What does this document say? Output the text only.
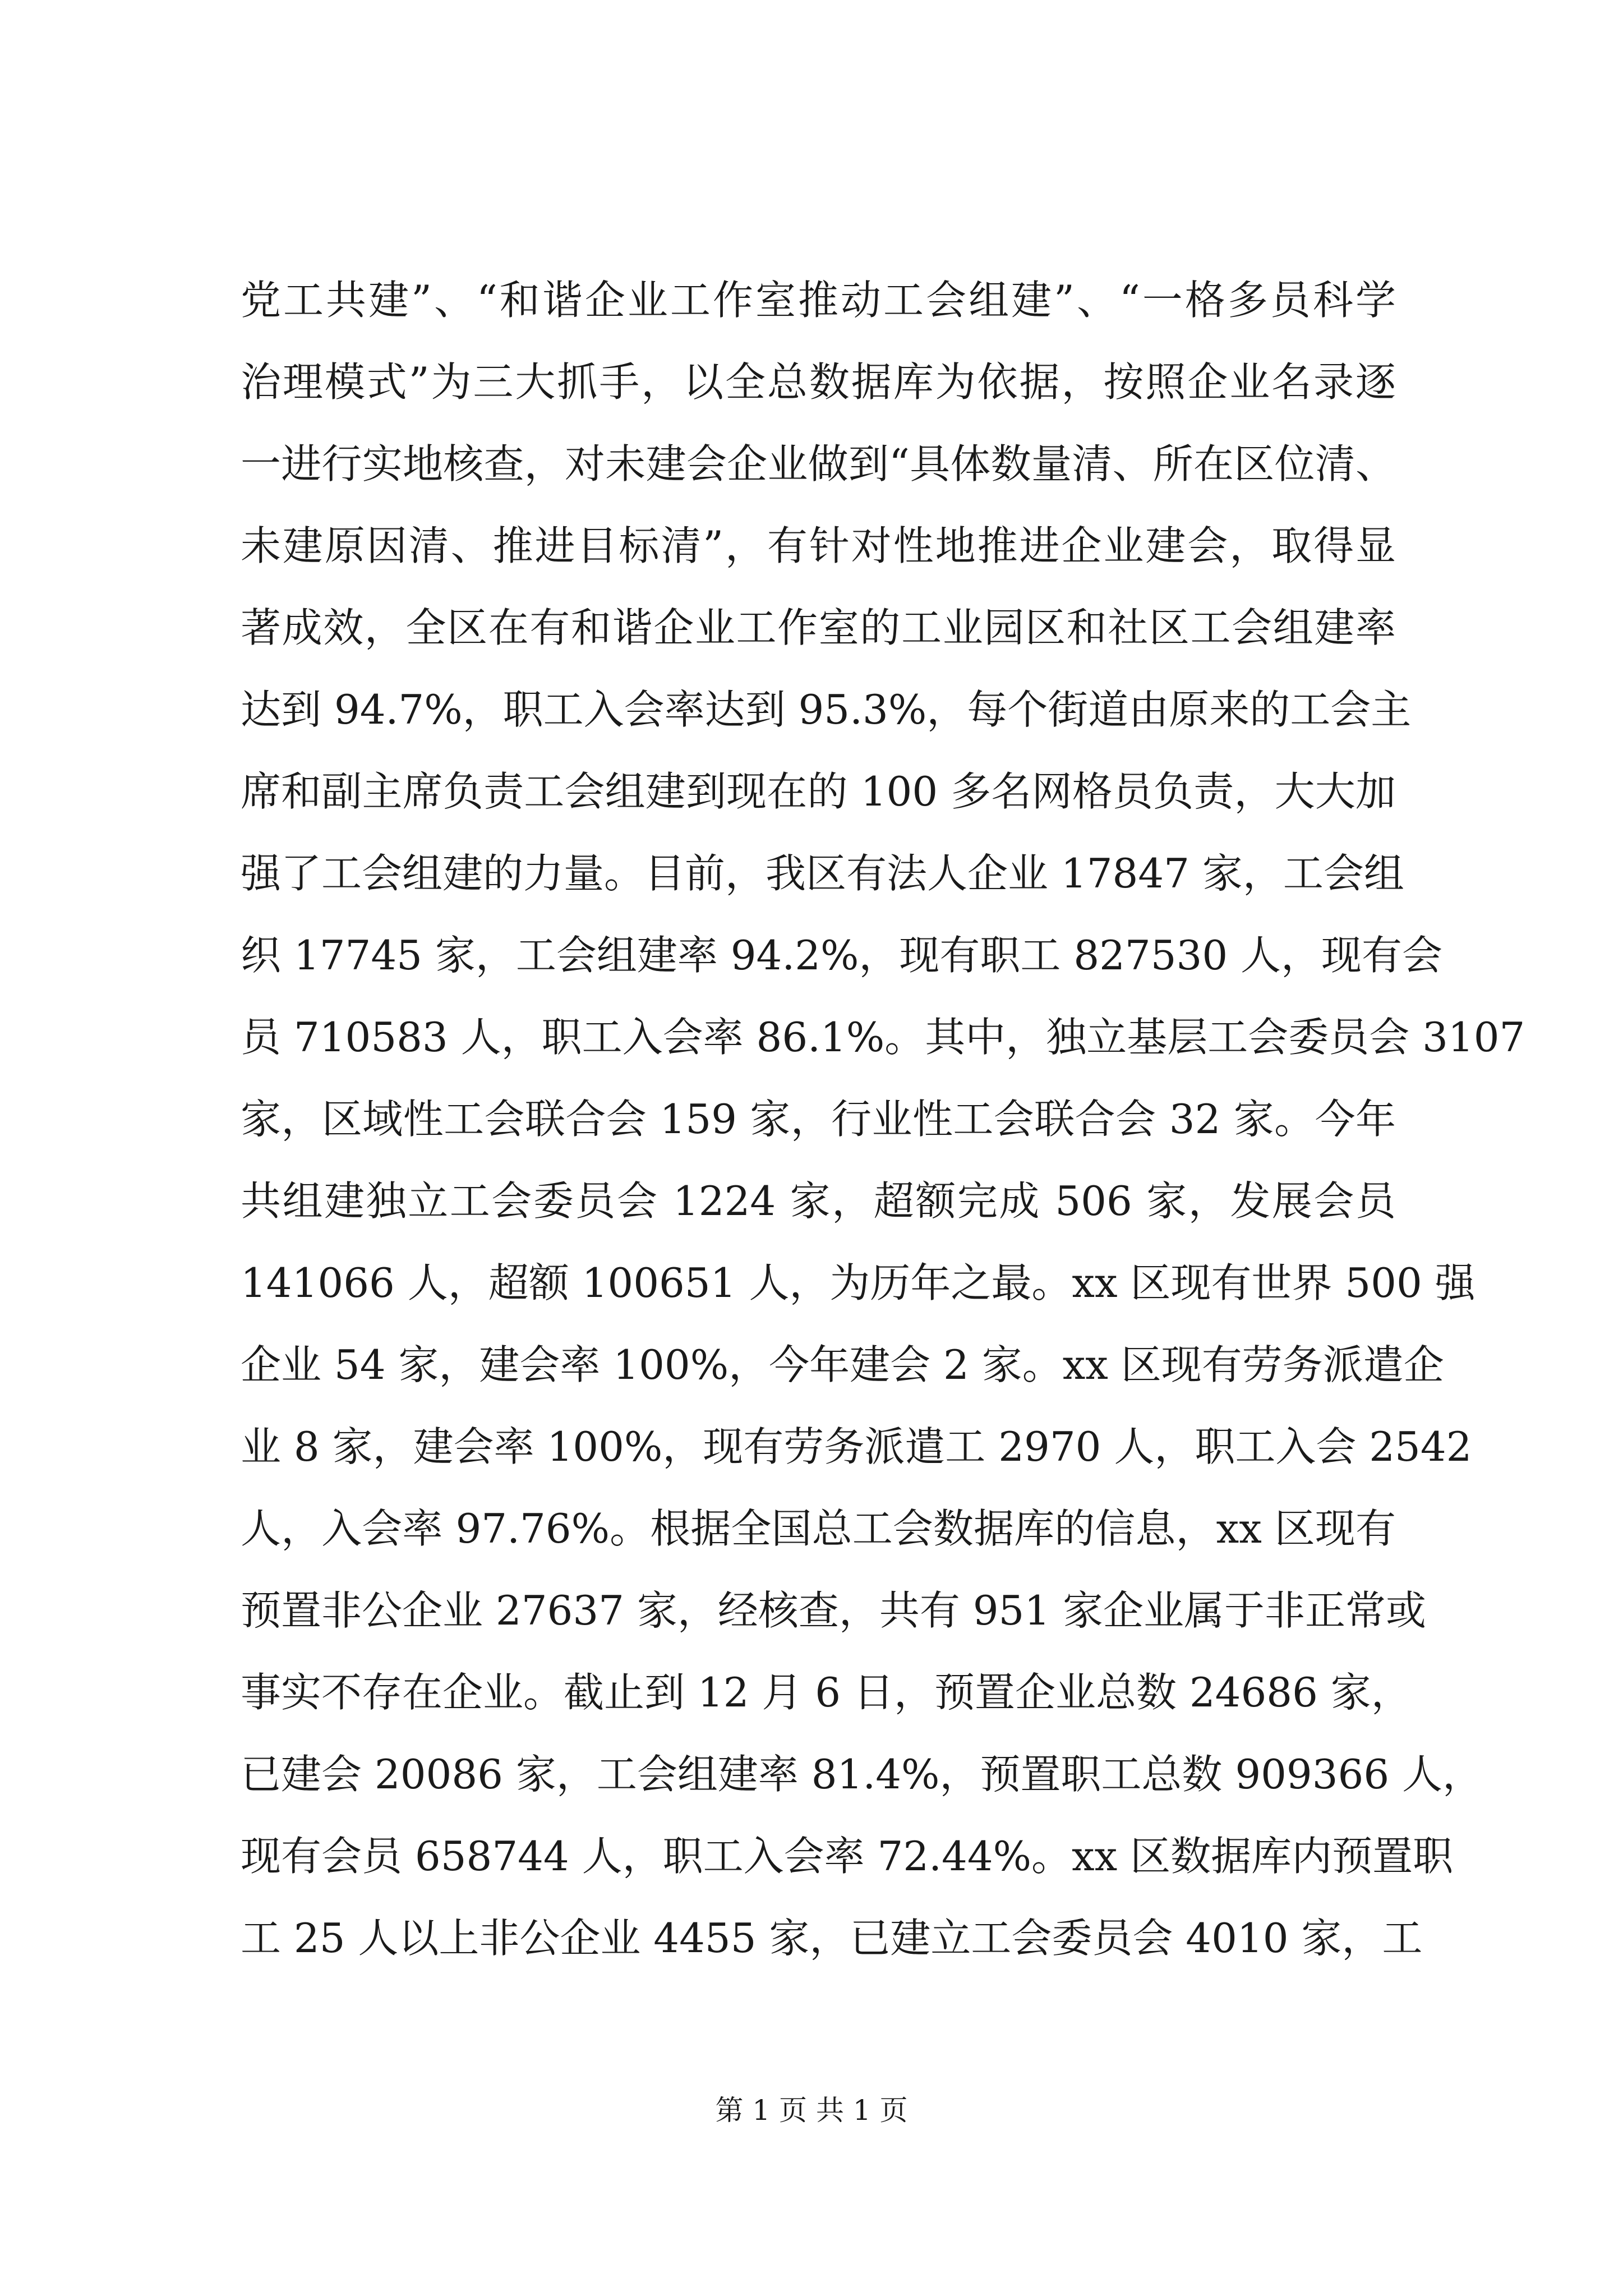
党工共建”、“和谐企业工作室推动工会组建”、“一格多员科学
治理模式”为三大抓手，以全总数据库为依据，按照企业名录逐
一进行实地核查，对未建会企业做到“具体数量清、所在区位清、
未建原因清、推进目标清”，有针对性地推进企业建会，取得显
著成效，全区在有和谐企业工作室的工业园区和社区工会组建率
达到 94.7%，职工入会率达到 95.3%，每个街道由原来的工会主
席和副主席负责工会组建到现在的 100 多名网格员负责，大大加
强了工会组建的力量。目前，我区有法人企业 17847 家，工会组
织 17745 家，工会组建率 94.2%，现有职工 827530 人，现有会
员 710583 人，职工入会率 86.1%。其中，独立基层工会委员会 3107
家，区域性工会联合会 159 家，行业性工会联合会 32 家。今年
共组建独立工会委员会 1224 家，超额完成 506 家，发展会员
141066 人，超额 100651 人，为历年之最。xx 区现有世界 500 强
企业 54 家，建会率 100%，今年建会 2 家。xx 区现有劳务派遣企
业 8 家，建会率 100%，现有劳务派遣工 2970 人，职工入会 2542
人，入会率 97.76%。根据全国总工会数据库的信息，xx 区现有
预置非公企业 27637 家，经核查，共有 951 家企业属于非正常或
事实不存在企业。截止到 12 月 6 日，预置企业总数 24686 家，
已建会 20086 家，工会组建率 81.4%，预置职工总数 909366 人，
现有会员 658744 人，职工入会率 72.44%。xx 区数据库内预置职
工 25 人以上非公企业 4455 家，已建立工会委员会 4010 家，工
第 1 页 共 1 页
